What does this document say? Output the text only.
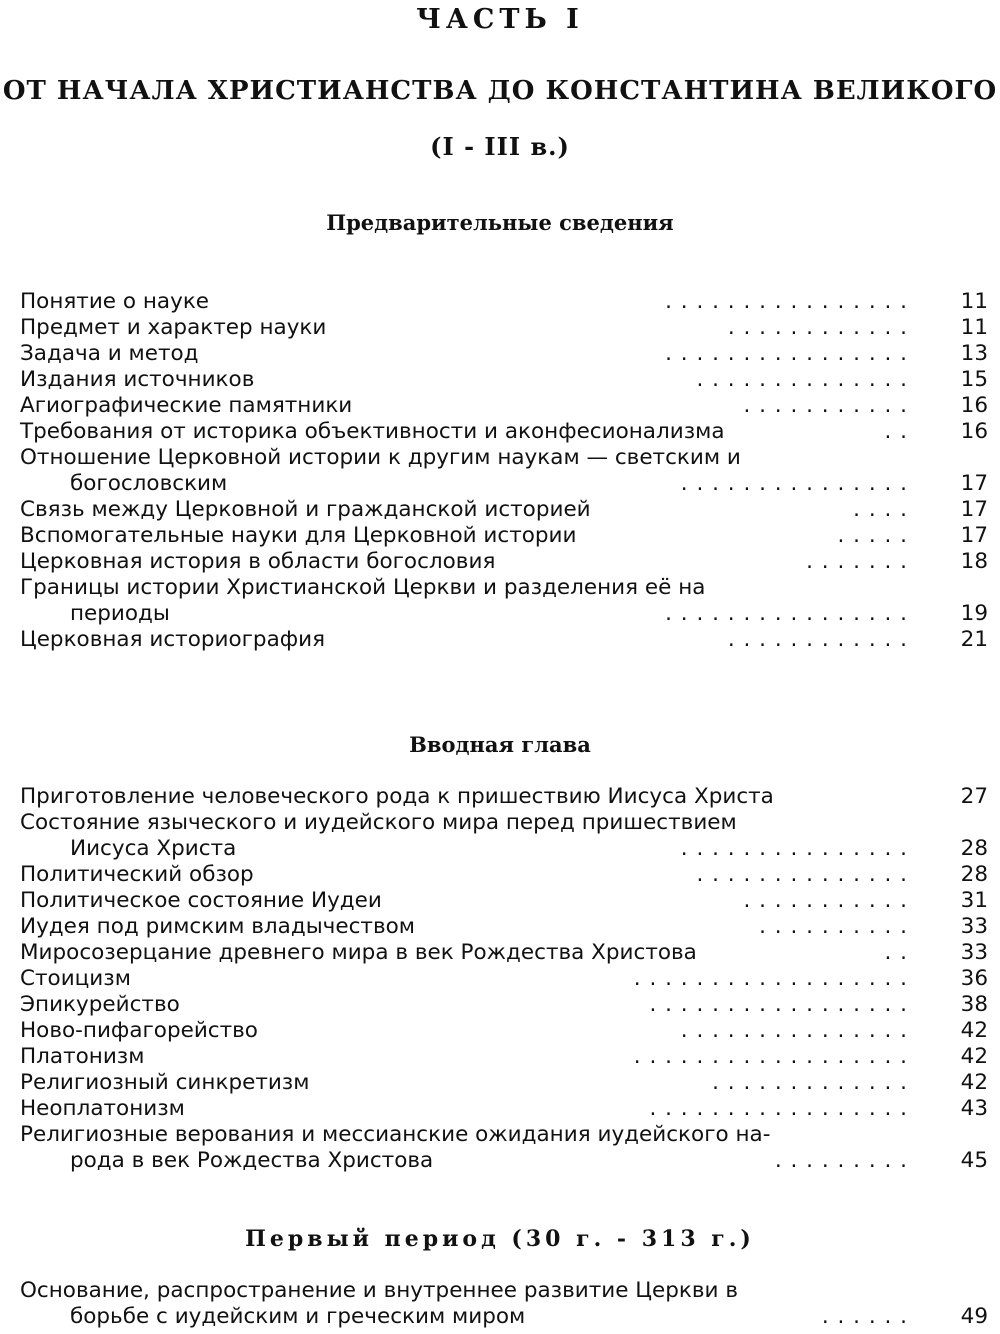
ЧАСТЬ I
ОТ НАЧАЛА ХРИСТИАНСТВА ДО КОНСТАНТИНА ВЕЛИКОГО
(I - III в.)
Предварительные сведения
Понятие о науке	. . . . . . . . . . . . . . . . 11
Предмет и характер науки	. . . . . . . . . . . . 11
Задача и метод	. . . . . . . . . . . . . . . . 13
Издания источников	. . . . . . . . . . . . . . 15
Агиографические памятники	. . . . . . . . . . . 16
Требования от историка объективности и аконфесионализма	. . 16
Отношение Церковной истории к другим наукам — светским и
богословским	. . . . . . . . . . . . . . . 17
Связь между Церковной и гражданской историей	. . . . 17
Вспомогательные науки для Церковной истории	. . . . . 17
Церковная история в области богословия	. . . . . . . 18
Границы истории Христианской Церкви и разделения её на
периоды	. . . . . . . . . . . . . . . . 19
Церковная историография	. . . . . . . . . . . . 21
Вводная глава
Приготовление человеческого рода к пришествию Иисуса Христа	27
Состояние языческого и иудейского мира перед пришествием
Иисуса Христа	. . . . . . . . . . . . . . . 28
Политический обзор	. . . . . . . . . . . . . . 28
Политическое состояние Иудеи	. . . . . . . . . . . 31
Иудея под римским владычеством	. . . . . . . . . . 33
Миросозерцание древнего мира в век Рождества Христова	. . 33
Стоицизм	. . . . . . . . . . . . . . . . . . 36
Эпикурейство	. . . . . . . . . . . . . . . . . 38
Ново-пифагорейство	. . . . . . . . . . . . . . . 42
Платонизм	. . . . . . . . . . . . . . . . . . 42
Религиозный синкретизм	. . . . . . . . . . . . . 42
Неоплатонизм	. . . . . . . . . . . . . . . . . 43
Религиозные верования и мессианские ожидания иудейского на-
рода в век Рождества Христова	. . . . . . . . . 45
Первый период (30 г. - 313 г.)
Основание, распространение и внутреннее развитие Церкви в
борьбе с иудейским и греческим миром	. . . . . . 49
